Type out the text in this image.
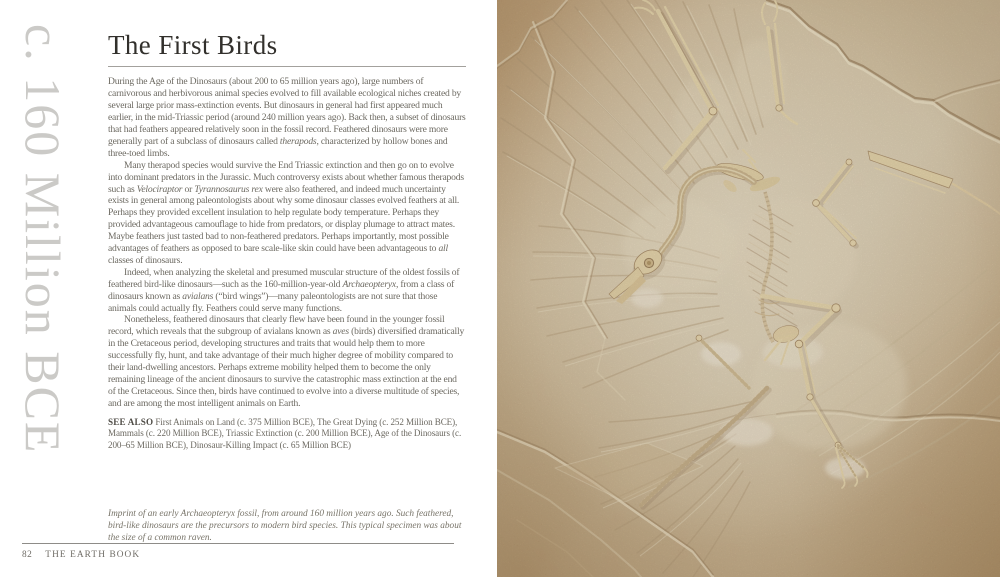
c. 160 Million BCE The First Birds

During the Age of the Dinosaurs (about 200 to 65 million years ago), large numbers of carnivorous and herbivorous animal species evolved to fill available ecological niches created by several large prior mass-extinction events. But dinosaurs in general had first appeared much earlier, in the mid-Triassic period (around 240 million years ago). Back then, a subset of dinosaurs that had feathers appeared relatively soon in the fossil record. Feathered dinosaurs were more generally part of a subclass of dinosaurs called therapods, characterized by hollow bones and three-toed limbs.

Many therapod species would survive the End Triassic extinction and then go on to evolve into dominant predators in the Jurassic. Much controversy exists about whether famous therapods such as Velociraptor or Tyrannosaurus rex were also feathered, and indeed much uncertainty exists in general among paleontologists about why some dinosaur classes evolved feathers at all. Perhaps they provided excellent insulation to help regulate body temperature. Perhaps they provided advantageous camouflage to hide from predators, or display plumage to attract mates. Maybe feathers just tasted bad to non-feathered predators. Perhaps importantly, most possible advantages of feathers as opposed to bare scale-like skin could have been advantageous to all classes of dinosaurs.

Indeed, when analyzing the skeletal and presumed muscular structure of the oldest fossils of feathered bird-like dinosaurs—such as the 160-million-year-old Archaeopteryx, from a class of dinosaurs known as avialans (“bird wings”)—many paleontologists are not sure that those animals could actually fly. Feathers could serve many functions.

Nonetheless, feathered dinosaurs that clearly flew have been found in the younger fossil record, which reveals that the subgroup of avialans known as aves (birds) diversified dramatically in the Cretaceous period, developing structures and traits that would help them to more successfully fly, hunt, and take advantage of their much higher degree of mobility compared to their land-dwelling ancestors. Perhaps extreme mobility helped them to become the only remaining lineage of the ancient dinosaurs to survive the catastrophic mass extinction at the end of the Cretaceous. Since then, birds have continued to evolve into a diverse multitude of species, and are among the most intelligent animals on Earth.

SEE ALSO First Animals on Land (c. 375 Million BCE), The Great Dying (c. 252 Million BCE), Mammals (c. 220 Million BCE), Triassic Extinction (c. 200 Million BCE), Age of the Dinosaurs (c. 200–65 Million BCE), Dinosaur-Killing Impact (c. 65 Million BCE)

Imprint of an early Archaeopteryx fossil, from around 160 million years ago. Such feathered, bird-like dinosaurs are the precursors to modern bird species. This typical specimen was about the size of a common raven.

82 THE EARTH BOOK
